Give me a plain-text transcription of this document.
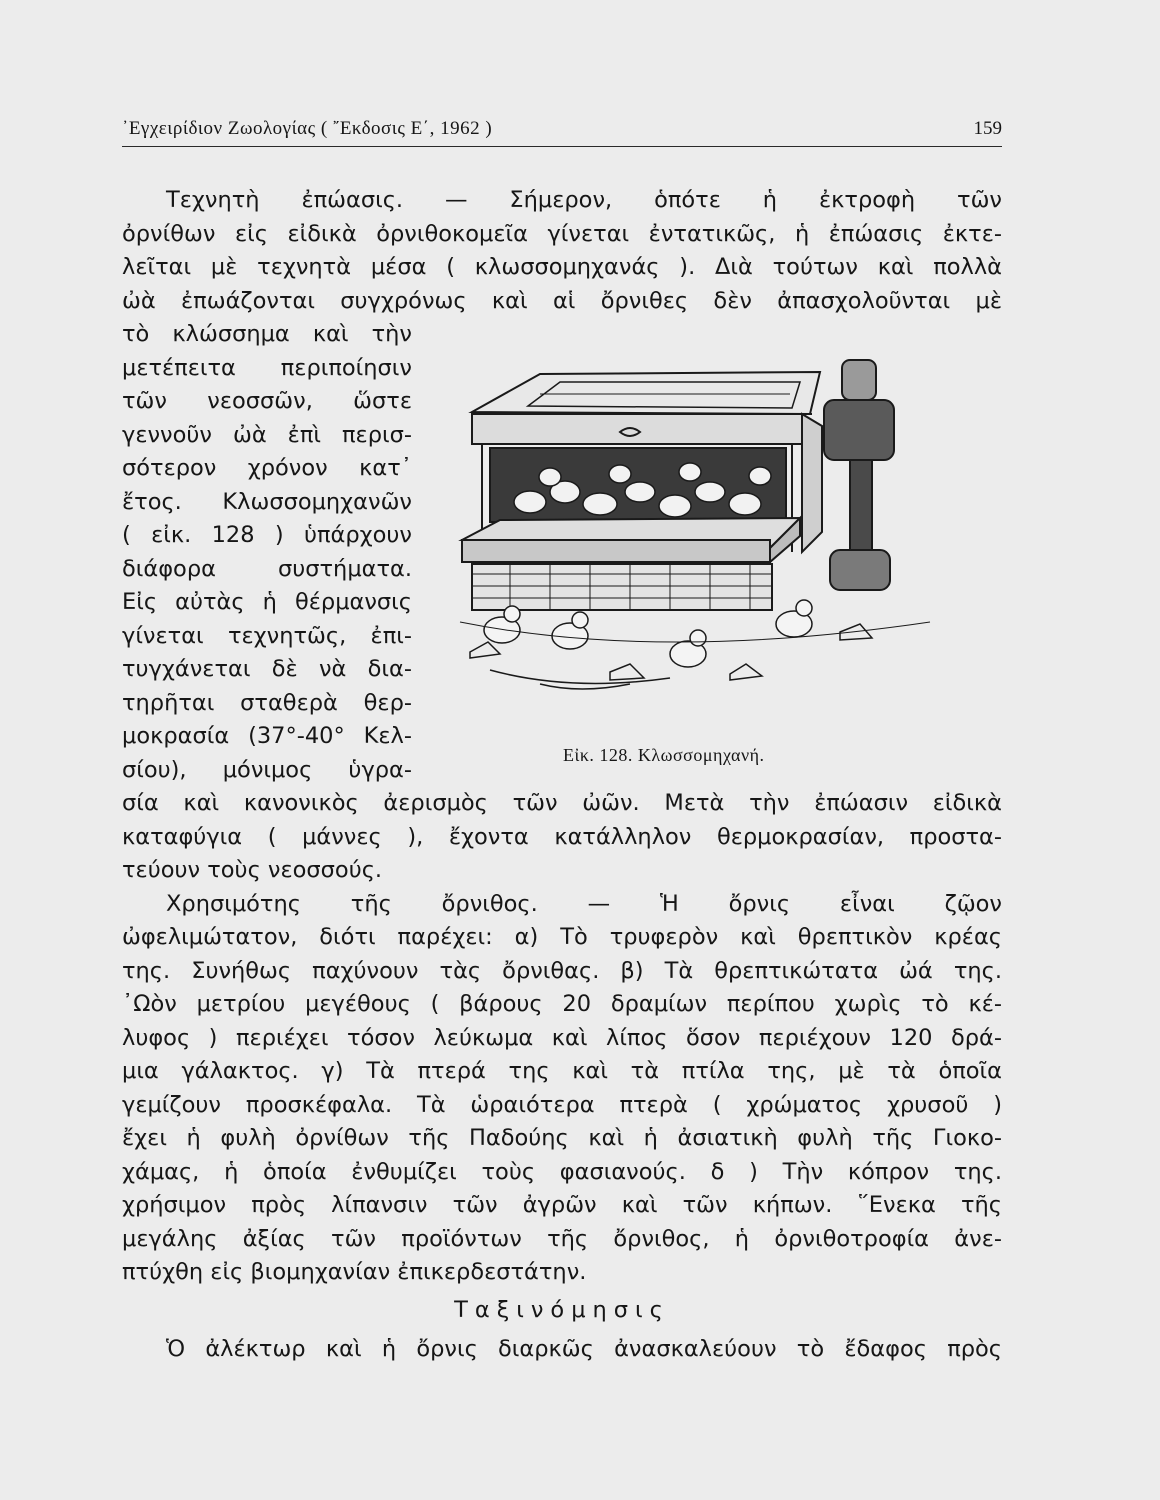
᾿Εγχειρίδιον Ζωολογίας ( ῎Εκδοσις Ε΄, 1962 )	159
Τεχνητὴ ἐπώασις. — Σήμερον, ὁπότε ἡ ἐκτροφὴ τῶν
ὀρνίθων εἰς εἰδικὰ ὀρνιθοκομεῖα γίνεται ἐντατικῶς, ἡ ἐπώασις ἐκτε-
λεῖται μὲ τεχνητὰ μέσα ( κλωσσομηχανάς ). Διὰ τούτων καὶ πολλὰ
ὠὰ ἐπωάζονται συγχρόνως καὶ αἱ ὄρνιθες δὲν ἀπασχολοῦνται μὲ
τὸ κλώσσημα καὶ τὴν
μετέπειτα περιποίησιν
τῶν νεοσσῶν, ὥστε
γεννοῦν ὠὰ ἐπὶ περισ-
σότερον χρόνον κατ᾽
ἔτος. Κλωσσομηχανῶν
( εἰκ. 128 ) ὑπάρχουν
διάφορα συστήματα.
Εἰς αὐτὰς ἡ θέρμανσις
γίνεται τεχνητῶς, ἐπι-
τυγχάνεται δὲ νὰ δια-
τηρῆται σταθερὰ θερ-
μοκρασία (37°-40° Κελ-
σίου), μόνιμος ὑγρα-
σία καὶ κανονικὸς ἀερισμὸς τῶν ὠῶν. Μετὰ τὴν ἐπώασιν εἰδικὰ
καταφύγια ( μάννες ), ἔχοντα κατάλληλον θερμοκρασίαν, προστα-
τεύουν τοὺς νεοσσούς.
Χρησιμότης τῆς ὄρνιθος. — Ἡ ὄρνις εἶναι ζῷον
ὠφελιμώτατον, διότι παρέχει: α) Τὸ τρυφερὸν καὶ θρεπτικὸν κρέας
της. Συνήθως παχύνουν τὰς ὄρνιθας. β) Τὰ θρεπτικώτατα ὠά της.
᾿Ωὸν μετρίου μεγέθους ( βάρους 20 δραμίων περίπου χωρὶς τὸ κέ-
λυφος ) περιέχει τόσον λεύκωμα καὶ λίπος ὅσον περιέχουν 120 δρά-
μια γάλακτος. γ) Τὰ πτερά της καὶ τὰ πτίλα της, μὲ τὰ ὁποῖα
γεμίζουν προσκέφαλα. Τὰ ὡραιότερα πτερὰ ( χρώματος χρυσοῦ )
ἔχει ἡ φυλὴ ὀρνίθων τῆς Παδούης καὶ ἡ ἀσιατικὴ φυλὴ τῆς Γιοκο-
χάμας, ἡ ὁποία ἐνθυμίζει τοὺς φασιανούς. δ ) Τὴν κόπρον της.
χρήσιμον πρὸς λίπανσιν τῶν ἀγρῶν καὶ τῶν κήπων. ῞Ενεκα τῆς
μεγάλης ἀξίας τῶν προϊόντων τῆς ὄρνιθος, ἡ ὀρνιθοτροφία ἀνε-
πτύχθη εἰς βιομηχανίαν ἐπικερδεστάτην.
Ταξινόμησις
Ὁ ἀλέκτωρ καὶ ἡ ὄρνις διαρκῶς ἀνασκαλεύουν τὸ ἔδαφος πρὸς
Εἰκ. 128. Κλωσσομηχανή.
